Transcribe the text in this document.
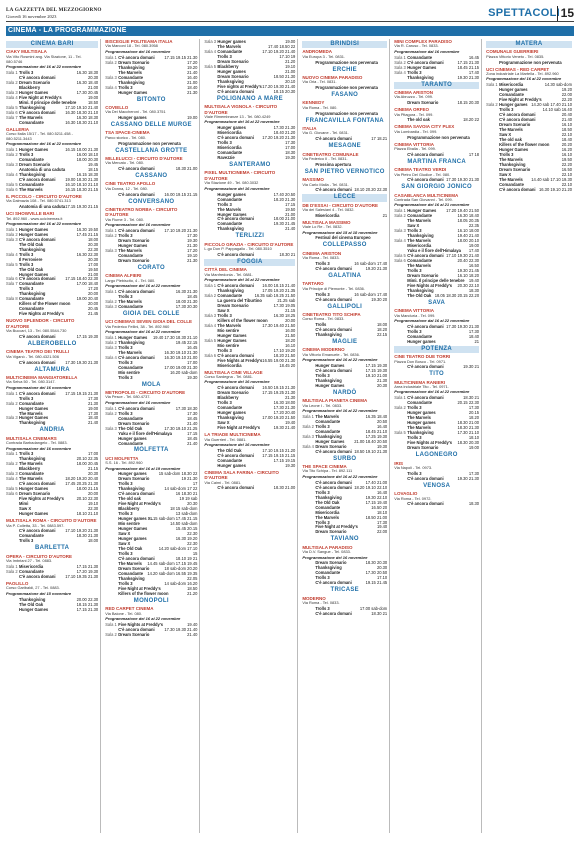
LA GAZZETTA DEL MEZZOGIORNO
Giovedì 16 novembre 2023	SPETTACOLI 15
CINEMA - LA PROGRAMMAZIONE
CINEMA BARI
CIAKY MULTISALA
Via Vito Rosmini ang. Via Stazione, 11 - Tel. 080.5746
Programmazione del 16 al 22 novembre
Sala 1 Trolls 3	16.30 18.30
C'è ancora domani	20.30
Sala 2 Dream Scenario	16.30 18.40
Blackberry	21.00
Sala 3 Hunger Games	17.30 20.45
Sala 4 Five Night at Freddy's	19.00
Mimì. Il principe delle tenebre	18.50
Sala 5 Thanksgiving	17.10 19.10 21.40
Sala 6 C'è ancora domani	16.30 18.30 21.10
Sala 7 The Marvels	16.30 18.30
Comandante	16.30 18.30 21.10
GALLERIA
Corso Italia 15/17 - Tel. 080.5211.458 - 080.5211.3443
Programmazione del 16 al 22 novembre
Sala 1 Hunger Games	16.15 18.00 21.30
Sala 2 Trolls 3	16.00 18.10
Comandante	18.00 20.30
Sala 3 Dream Scenario	19.45
Anatomia di una caduta	18.15
Sala 4 Thanksgiving	16.15 18.30
C'è ancora domani	19.00 18.30 21.30
Sala 5 Comandante	16.10 18.10 21.10
Sala 6 The Marvels	16.15 18.30 21.15
IL PICCOLO - CIRCUITO D'AUTORE
Via Dalmazia 108 - Tel. 080.5741.313
Anatomia di una caduta 17.15 19.30 21.15
UCI SHOWVILLE BARI
Tel. 892.960 - www.ucicinemas.it
Programmazione del 16 al 22 novembre
Sala 1 Hunger Games	16.30 19.50
Sala 2 Hunger Games	17.45 21.15
Sala 3 C'è ancora domani	18.00
The Old Oak	20.30
Thanksgiving	22.30
Sala 4 Trolls 3	16.30 22.30
Il Ferroviere	20.30
Sala 5 Trolls 3	17.00
The Old Oak	19.50
Hunger Games	21.00
Sala 6 C'è ancora domani	17.15 18.40 22.30
Sala 7 Comandante	17.00 18.40
Trolls 3	17.20
Thanksgiving	20.00
Sala 8 Comandante	19.00 20.40
Killers of the Flower moon	20.00
Comandante	20.45
Five Nights at Freddy's	21.45
NUOVO SPLENDOR - CIRCUITO D'AUTORE
Via Buccari, 13 - Tel. 080.5544.730
C'è ancora domani	17.15 19.30
ALBEROBELLO
CINEMA TEATRO DEI TRULLI
Via Viganò - Tel. 080.4321.506
C'è ancora domani	17.30 19.30 21.30
ALTAMURA
MULTICINEMA MANGIATORELLA
Via Selva 50 - Tel. 080.3147.
Programmazione del 16 novembre
Sala 1 C'è ancora domani	17.15 19.15 21.30
Trolls 3	17.30
Sala 2 Comandante	21.30
Hunger Games	19.00
The Marvels	17.30
Sala 3 Hunger Games	18.40
Thanksgiving	21.40
ANDRIA
MULTISALA CINEMARS
Contrada Barbadangelo - Tel. 0883.
Programmazione del 16 novembre
Sala 1 Trolls 3	17.00
Thanksgiving	20.10 22.35
Sala 2 The Marvels	18.00 20.45
Blackberry	21.15
Sala 3 Comandante	20.30
Sala 4 The Marvels	18.20 19.20 20.40
C'è ancora domani	17.45 20.25 21.30
Sala 5 Hunger Games	18.00 21.15
Sala 6 Dream Scenario	20.00
Five Nights at Freddy's	20.10 22.30
Mimì	19.10
Saw X	22.30
Hunger Games	18.10 21.10
MULTISALA ROMA - CIRCUITO D'AUTORE
Via P. Colletta, 33 - Tel. 0883.597.
C'è ancora domani	17.10 19.20 21.30
Comandante	18.30 21.30
Trolls 3	18.00
BARLETTA
OPERA - CIRCUITO D'AUTORE
Via Imbriani 27 - Tel. 0883.
Sala 1 Misericordia	17.15 21.30
Sala 2 Comandante	17.20 19.30
C'è ancora domani	17.10 19.35 21.30
PAOLILLO
Corso Garibaldi, 27 - Tel. 0883.
Programmazione del 15 novembre
Thanksgiving	20.00 22.30
The Old Oak	18.15 21.30
Hunger Games	17.15 21.30
BISCEGLIE POLITEAMA ITALIA
Via Marconi 18 - Tel. 080.3958
Programmazione del 16 novembre
Sala 1 C'è ancora domani	17.15 19.15 21.30
Sala 2 Dream Scenario	17.20
Thanksgiving	19.20
The Marvels	21.40
Sala 3 Comandante	16.40
Thanksgiving	21.00
Sala 4 Trolls 3	18.40
Hunger Games	21.30
BITONTO
COVIELLO
Via Dei Maccheroni - Tel. 080.3751
Hunger games	19.00
CASSANO DELLE MURGE
TSA SPACE-CINEMA
Parco storico - Tel. 080.
Programmazione non pervenuta
CASTELLANA GROTTE
MILLELUCCI - CIRCUITO D'AUTORE
Via Mercato - Tel. 080.
C'è ancora domani	18.30 21.00
CASSANO
CINE TEATRO APOLLO
Via Donna, 12 - Tel. 080.
C'è ancora domani	16.00 19.15 21.15
CONVERSANO
CINETEATRO NORBA - CIRCUITO D'AUTORE
Via Fiume 3 - Tel. 080.
Programmazione del 16 novembre
Sala 1 C'è ancora domani	17.10 19.20 21.30
Sala 2 Trolls 3	17.30
Dream Scenario	19.30
Hunger Games	21.30
Sala 3 The Marvels	17.20
Comandante	19.10
Dream Scenario	21.30
CORATO
CINEMA ALFIERI
Largo Plebiscito, 4 - Tel. 080.
Programmazione del 16 al 22 novembre
Sala 1 C'è ancora domani	16.30 21.30
Trolls 3	18.45
Sala 2 The Marvels	18.00 21.30
Sala 3 Comandante	17.30 20.30
GIOIA DEL COLLE
UCI CINEMAS SEVEN GIOIA DEL COLLE
Via Federico Fellini, 38 - Tel. 892.960
Programmazione del 16 al 22 novembre
Sala 1 Hunger Games	19.40 17.30 18.30 21.10
Sala 2 Thanksgiving	19.45 22.15
Sala 3 Trolls 3	16.45
The Marvels	16.30 19.10 21.30
Sala 4 C'è ancora domani	16.30 19.10 21.00
Trolls 3	17.00
Comandante	17.00 19.00 21.30
Mio sentire	16.20 sab-dom
Trolls 3	19.30
MOLA
METROPOLIS - CIRCUITO D'AUTORE
Via Pesce - Tel. 080.4737.
Programmazione del 16 novembre
Sala 1 C'è ancora domani	17.30 18.30
Sala 2 Trolls 3	17.30
Comandante	18.45
Dream Scenario	21.40
Sala 3 The Old Oak	17.30 19.10 21.25
Yuku e il fiore dell'Himalaya	17.15
Hunger games	18.45
Comandante	21.40
MOLFETTA
UCI MOLFETTA
S.S. 16 - Tel. 892.960
Programmazione del 16 al 19 novembre
Hunger games	15 sab-dom 18.30 22
Dream Scenario	19 21.30
Trolls 3	17
Thanksgiving	14 sab-dom 17 22
C'è ancora domani	16 18.30 21
The old oak	19 19 sab
Five Night at Freddy's	20.30
Blackberry	18 15 sab-dom
Trolls 3	13 sab-dom
Hunger games XL 15 sab-dom 17.45 21.15
Mio sentire	14.50 sab-dom
Hunger Games	15.45 20.15
Saw X	22.30
Hunger games	16.30 19.20
Saw X	22.30
The Old Oak	14.20 sab-dom 17.10
Trolls 3	15
C'è ancora domani	18.10 19 21
The Marvels	14.45 sab-dom 17.15 19.45
Dream Scenario	18 sab-dom 20.20
Comandante	14.20 sab-dom 16.55 19.35
Thanksgiving	22.05
Trolls 3	14 sab-dom 16.20
Five Night at Freddy's	18.50
Killers of the flower moon	21.20
MONOPOLI
RED CARPET CINEMA
Via Baione - Tel. 080.
Programmazione del 16 al 22 novembre
Sala 1 Five Nights at Freddy's	19.40
C'è ancora domani	17.30 19.30 21.40
Sala 2 Dream Scenario	21.40
Sala 3 Hunger games	19.00
The Marvels	17.40 18.50 22
Sala 4 Comandante	17.10 19.20 21.40
Trolls 3	17.10 19
Dream Scenario	21.20
Sala 5 Blackberry	19.10
Hunger games	21.00
Dream Scenario	18.50 21.30
Thanksgiving	20.10
Five nights at Freddy's 17.20 19.30 21.40
C'è ancora domani	18.15 20.30
POLIGNANO A MARE
MULTISALA VIGNOLA - CIRCUITO D'AUTORE
Viale Rimembranze 13 - Tel. 080.4249
Programmazione del 16 al 22 novembre
Hunger games	17.30 21.30
Misericordia	18.40 21.20
C'è ancora domani	17.20 19.20 21.30
Trolls 3	17.30
Misericordia	17.00
Comandante	18.30
Ravezzie	19.30
SANTERAMO
PIXEL MULTICINEMA - CIRCUITO D'AUTORE
Via Stazione 49 - Tel. 080.3032
Programmazione del 16 novembre
Hunger games	17.40 20.50
Comandante	18.20 21.30
Trolls 3	17.15
The Marvels	19.50
Hunger Games	21.00
C'è ancora domani	18.00 21.00
Comandante	19.30 21.45
Thanksgiving	21.40
TERLIZZI
PICCOLO GRAZIA - CIRCUITO D'AUTORE
L.go Don P. Pappagallo - Tel. 080.3510
C'è ancora domani	18.30 21
FOGGIA
CITTÀ DEL CINEMA
Via Manfredonia - Tel. 0881.
Programmazione del 16 al 22 novembre
Sala 1 C'è ancora domani	16.00 18.15 21.40
Thanksgiving	17.05 19.20 21.35
Sala 2 Comandante	16.35 sab 19.25 21.50
La guerra del Tiburtino	21.25 sab
Dream Scenario	17.30 19.05
Saw X	21.15
Sala 3 Trolls 3	16.30 18.25
Killers of the flower moon	20.00
Sala 4 The Marvels	17.30 19.40 21.50
Mio sentire	16.00
Hunger Games	21.50
Sala 5 Hunger Games	18.20
Mio sentire	16.10
Trolls 3	17.10 19.20
Sala 6 C'è ancora domani	18.20 21.50
Five Nights at Freddy's 16.55 19.00 21.30
Misericordia	18.45 20
MULTISALA CINE VILLAGE
Corso Sardegna - Tel. 0881.
Programmazione del 16 novembre
C'è ancora domani	16.50 19.15 21.30
Dream Scenario	17.15 19.25 21.30
Blackberry	21.30
Trolls 3	16.30 18.00
Comandante	17.30 21.30
Hunger games	17.20 20.40
Thanksgiving	17.00 19.20 21.50
Saw X	19.40
Five Night at Freddy's	19.30 21.40
LA TRIADE MULTICINEMA
Via Guerrieri - Tel. 0881.
Programmazione del 16 novembre
The Old Oak	17.10 19.15 21.20
C'è ancora domani	17.15 19.15 21.15
Comandante	17.15 19.15
Hunger games	19.30
CINEMA SALA FARINA - CIRCUITO D'AUTORE
Via Caimi - Tel. 0881.
C'è ancora domani	18.30 21.00
BRINDISI
ANDROMEDA
Via Europa 3 - Tel. 0831.
Programmazione non pervenuta
ERCHIE
NUOVO CINEMA PARADISO
Via Oria - Tel. 0831.
Programmazione non pervenuta
FASANO
KENNEDY
Via Roma - Tel. 080.
Programmazione non pervenuta
FRANCAVILLA FONTANA
ITALIA
Via G. Giovane - Tel. 0831.
C'è ancora domani	17 18.21
MESAGNE
CINETEATRO COMUNALE
Via Federico II - Tel. 0831.
Prossima apertura
SAN PIETRO VERNOTICO
MASSIMO
Via Carlo Malla - Tel. 0831.
C'è ancora domani 18.10 20.20 22.30
LECCE
DB D'ESSAI - CIRCUITO D'AUTORE
Via dei Salesiani 4 - Tel. 0832.
Misericordia	21
MULTISALA MASSIMO
Viale Lo Re - Tel. 0832.
Programmazione dal 15 al 18 novembre
Festival del cinema Europeo
COLLEPASSO
CINEMA ARISTON
Via Roma - Tel. 0833.
Trolls 3	16 sab-dom 17.40
C'è ancora domani	19.20 21.30
GALATINA
TARTARO
Via Principe di Piemonte - Tel. 0836.
Trolls 3	16 sab-dom 17.40
C'è ancora domani	19.30 20
GALLIPOLI
CINETEATRO TITO SCHIPA
Corso Roma - Tel. 0833.
Trolls	18.00
C'è ancora domani	18.20
Thanksgiving	22.15
MAGLIE
CINEMA MODERNO
Via Vittorio Emanuele - Tel. 0836.
Programmazione dal 16 al 22 novembre
Hunger Games	17.15 19.30
C'è ancora domani	17.15 19.30
Trolls 3	19.10 21.00
Thanksgiving	21.30
Hunger Games	20.30
NARDÒ
MULTISALA PIANETA CINEMA
Via Leone I - Tel. 0833.
Programmazione del 16 al 22 novembre
Sala 1 The Marvels	16.35 18.40
Comandante	20.50
Sala 2 Trolls 3	16.40
Comandante	18.45 21.10
Sala 3 Thanksgiving	17.25 19.30
Hunger Games	21.00 18.40 20.50
Sala 4 Dream Scenario	19.30
C'è ancora domani 18.50 19.10 21.30
SURBO
THE SPACE CINEMA
Via Tito Schipa - Tel. 892.111
Programmazione del 16 al 22 novembre
C'è ancora domani	17.40 21.00
C'è ancora domani 18.20 19.10 22.10
Trolls 3	16.40
Thanksgiving	19.30 22.10
The Old Oak	17.15 19.40
Comandante	16.50 20
Misericordia	18.10
The Marvels	18.50 21.00
Trolls 3	17.30
Five Night at Freddy's	19.40
Dream Scenario	22.00
TAVIANO
MULTISALA PARADISO
Via D.V. Sangue - Tel. 0833.
Programmazione del 16 novembre
Dream Scenario	18.30 20.30
Thanksgiving	20.30
Comandante	17.30 20.50
Trolls 3	17.10
C'è ancora domani	19.15 21.45
TRICASE
MODERNO
Via Roma - Tel. 0833.
Trolls 3	17.00 sab-dom
C'è ancora domani	18.30 21
MINI COMPLEX PARADISO
Via R. Caruso - Tel. 0833.
Programmazione dal 16 novembre
Sala 1 Comandante	16.45
Sala 2 C'è ancora domani	17.15 21.30
Sala 3 Hunger Games	18.45 21.15
Sala 4 Trolls 3	17.40
Thanksgiving	19.30 21.30
TARANTO
CINEMA ARISTON
Via Abruzzo - Tel. 099.
Dream Scenario	18.15 20.30
CINEMA ORFEO
Via Pitagora - Tel. 099.
The old oak	18.20 22
CINEMA SAVOIA CITY PLEX
Via Lombardia - Tel. 099.
Programmazione non pervenuta
CINEMA VITTORIA
Piazza Ebalia - Tel. 099.
C'è ancora domani	17 18
MARTINA FRANCA
CINEMA TEATRO VERDI
Via Pietro Del Giudice - Tel. 080.
C'è ancora domani 17.30 19.30 21.30
SAN GIORGIO JONICO
CASABLANCA MULTICINEMA
Contrada San Giovanni - Tel. 099.
Programmazione del 16 al 21 novembre
Sala 1 Hunger Games	17.20 19.40 21.50
Sala 2 Comandante	16.30 18.40
The Marvels	18.05 20.35
Saw X	22.35
Sala 3 Trolls 3	16.10 18.00
Thanksgiving	19.40 21.40
Sala 4 The Marvels	18.00 20.10
Misericordia	19.00
Yuku e il fiore dell'Himalaya	17.40
Sala 5 C'è ancora domani 17.10 19.30 21.40
Sala 6 Comandante	20.40 22.30
The Marvels	16.50
Trolls 3	19.30 21.45
Dream Scenario	16.10 18.20
Mimì. Il principe delle tenebre	19.40
Five Nights at Freddy's	20.30 22.10
Thanksgiving	18.30
The Old Oak 18.05 18.30 20.15 22.20
SAVA
CINEMA VITTORIA
Via Mandurìa - Tel. 099.
Programmazione dal 16 al 22 novembre
C'è ancora domani 17.30 19.30 21.30
Trolls 3	17.30
Comandante	18.40
Hunger games	21
POTENZA
CINE TEATRO DUE TORRI
Piazza Don Bosco - Tel. 0971.
C'è ancora domani	19.30 21
TITO
MULTICINEMA RANIERI
Area industriale Tito - Tel. 0971.
Programmazione del 16 al 22 novembre
Sala 1 C'è ancora domani	18.30 21
Comandante	20.15 22.30
Sala 2 Trolls 3	17.30
Hunger games	20.15
The Marvels	18.20
Hunger games	18.30 21.00
The Marvels	18.30 21.30
Sala 5 Thanksgiving	17.30 21.10
Trolls 3	18.10
Five Nights at Freddy's	18.30 20.30
Dream Scenario	19.00
LAGONEGRO
IRIS
Via Napoli - Tel. 0973.
Trolls 3	17.30
C'è ancora domani	19.30 21.30
VENOSA
LOVAGLIO
Via Roma - Tel. 0972.
C'è ancora domani	18.30
MATERA
COMUNALE GUERRIERI
Piazza Vittorio Veneto - Tel. 0835.
Programmazione non pervenuta
UCI CINEMAS - RED CARPET
Zona industriale La Martella - Tel. 892.960
Programmazione del 16 al 22 novembre
Sala 1 Misericordia	14.30 sab-dom
Hunger games	19.20
Comandante	22.00
Five Night at Freddy's	22.20
Sala 2 Hunger games 14.20 sab 17.40 21.10
Trolls 3	14.10 sab 16.40
C'è ancora domani	20.40
C'è ancora domani	21.40
Dream Scenario	16.10
The Marvels	18.50
Saw X	22.10
The old oak	18.40
Killers of the flower moon	20.20
Hunger Games	16.20
Trolls 3	16.10
The Marvels	19.50
Thanksgiving	22.20
Dream Scenario	16.50
Saw X	22.10
The Marvels	14.40 sab 17.10 19.30
Comandante	22.10
C'è ancora domani 16.30 19.10 21.20
